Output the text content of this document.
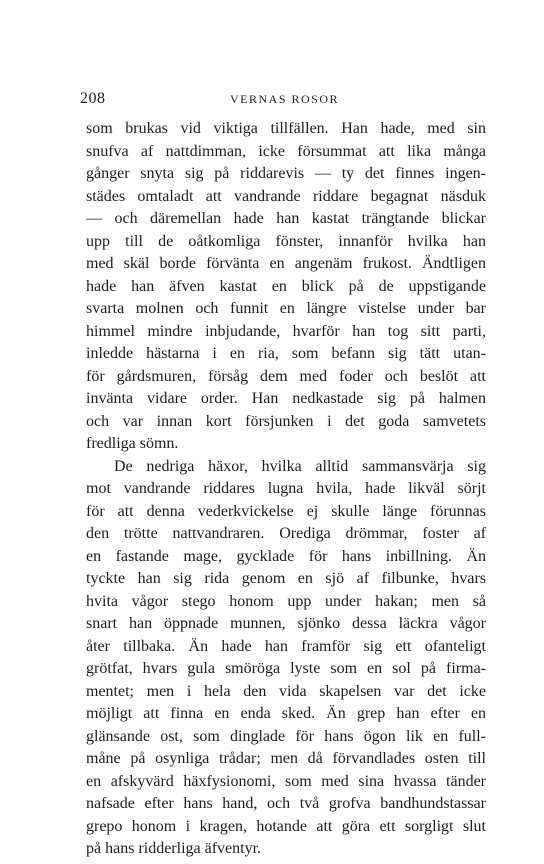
208	VERNAS ROSOR
som brukas vid viktiga tillfällen. Han hade, med sin
snufva af nattdimman, icke försummat att lika många
gånger snyta sig på riddarevis — ty det finnes ingen-
städes omtaladt att vandrande riddare begagnat näsduk
— och däremellan hade han kastat trängtande blickar
upp till de oåtkomliga fönster, innanför hvilka han
med skäl borde förvänta en angenäm frukost. Ändtligen
hade han äfven kastat en blick på de uppstigande
svarta molnen och funnit en längre vistelse under bar
himmel mindre inbjudande, hvarför han tog sitt parti,
inledde hästarna i en ria, som befann sig tätt utan-
för gårdsmuren, försåg dem med foder och beslöt att
invänta vidare order. Han nedkastade sig på halmen
och var innan kort försjunken i det goda samvetets
fredliga sömn.
De nedriga häxor, hvilka alltid sammansvärja sig
mot vandrande riddares lugna hvila, hade likväl sörjt
för att denna vederkvickelse ej skulle länge förunnas
den trötte nattvandraren. Orediga drömmar, foster af
en fastande mage, gycklade för hans inbillning. Än
tyckte han sig rida genom en sjö af filbunke, hvars
hvita vågor stego honom upp under hakan; men så
snart han öppnade munnen, sjönko dessa läckra vågor
åter tillbaka. Än hade han framför sig ett ofanteligt
grötfat, hvars gula smöröga lyste som en sol på firma-
mentet; men i hela den vida skapelsen var det icke
möjligt att finna en enda sked. Än grep han efter en
glänsande ost, som dinglade för hans ögon lik en full-
måne på osynliga trådar; men då förvandlades osten till
en afskyvärd häxfysionomi, som med sina hvassa tänder
nafsade efter hans hand, och två grofva bandhundstassar
grepo honom i kragen, hotande att göra ett sorgligt slut
på hans ridderliga äfventyr.
